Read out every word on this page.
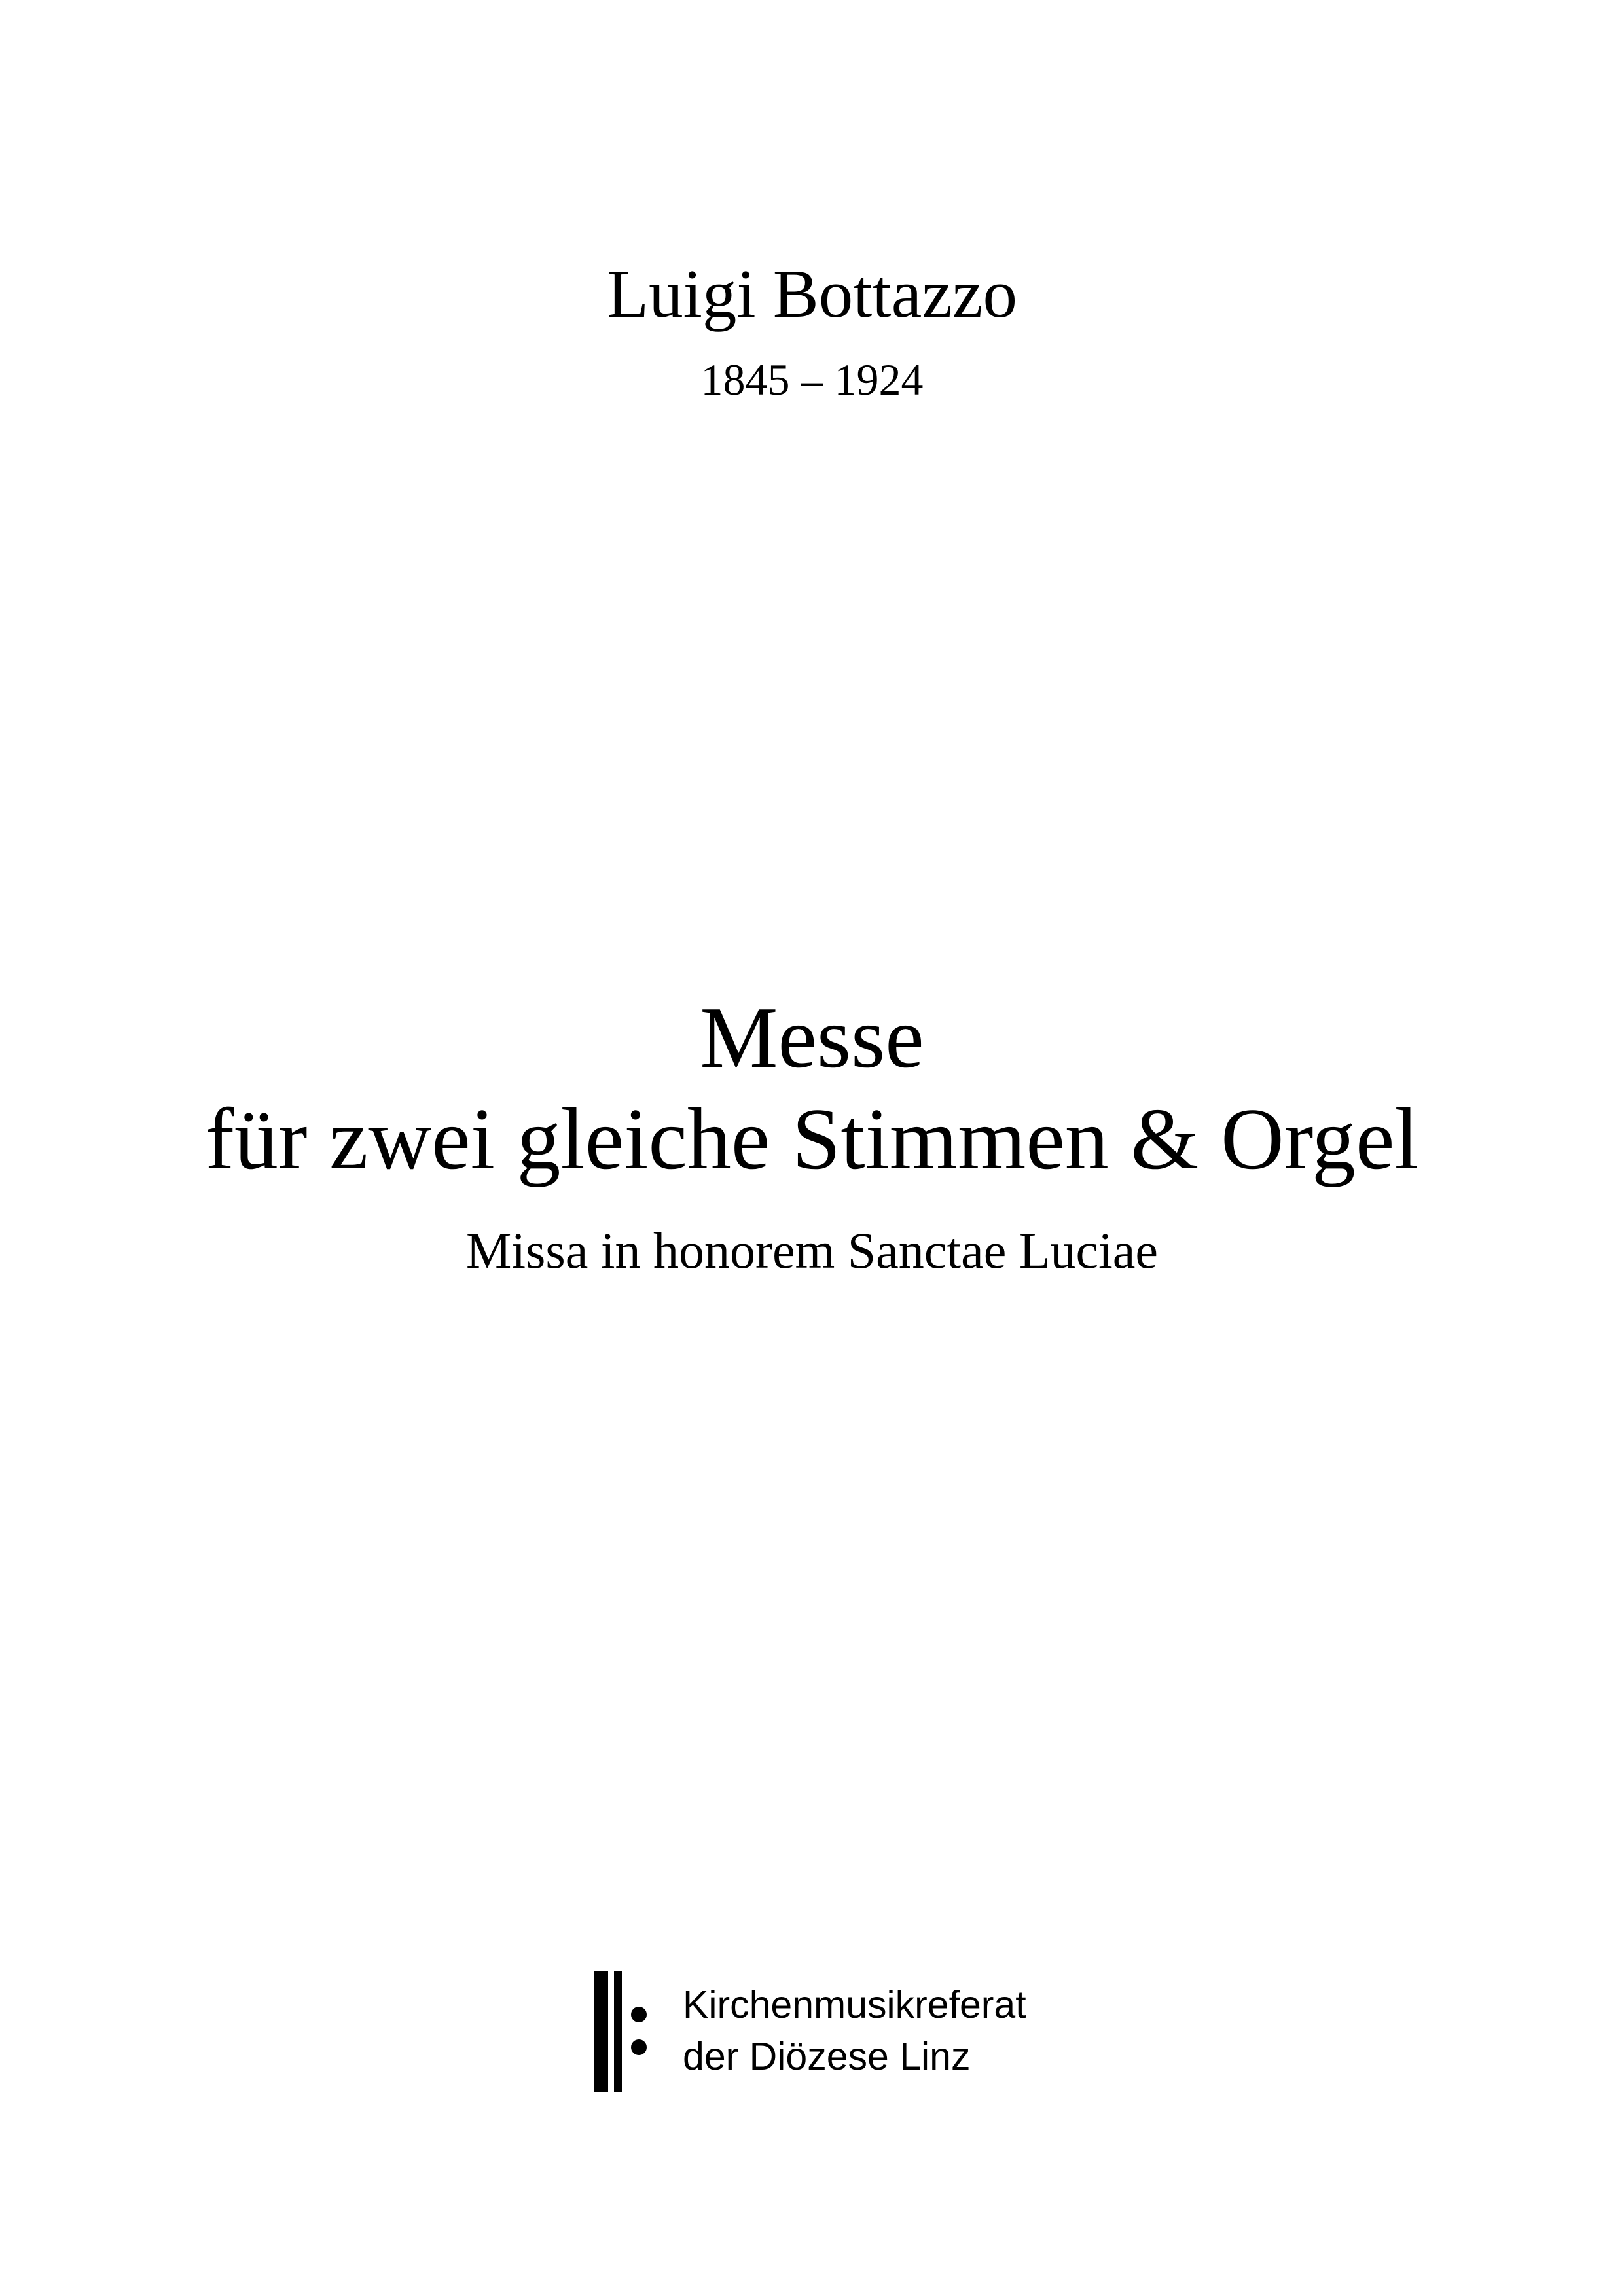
Luigi Bottazzo
1845 – 1924
Messe
für zwei gleiche Stimmen & Orgel
Missa in honorem Sanctae Luciae
Kirchenmusikreferat
der Diözese Linz
